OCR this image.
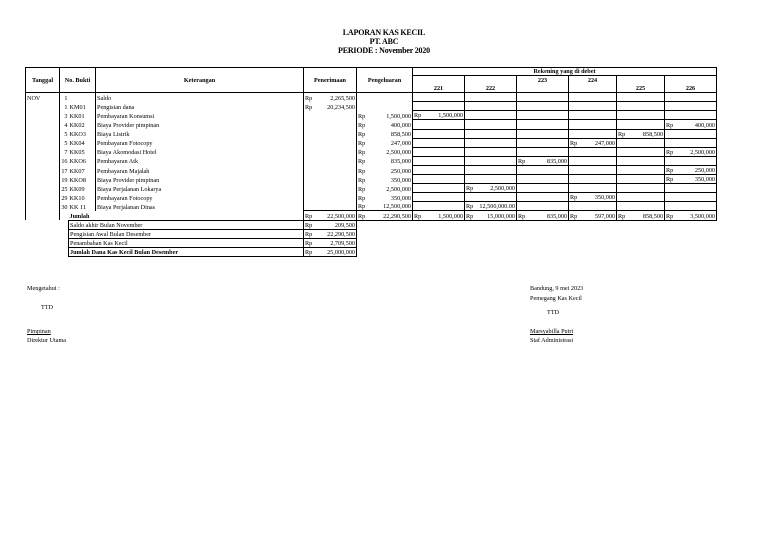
LAPORAN KAS KECIL
PT. ABC
PERIODE : November 2020
Tanggal	No. Bukti		Keterangan	Penerimaan	Pengeluaran	Rekening yang di debet					
								223	224		
						221	222			225	226
NOV	1		Saldo	Rp 2,265,500							

	1	KM01	Pengisian dana	Rp 20,234,500							

	3	KK01	Pembayaran Konsumsi		Rp 1,500,000	Rp 1,500,000					

	4	KK02	Biaya Provider pimpinan		Rp 400,000						Rp 400,000

	5	KKO3	Biaya Listrik		Rp 858,500					Rp 858,500	

	5	KK04	Pembayaran Fotocopy		Rp 247,000				Rp 247,000		

	7	KK05	Biaya Akomodasi Hotel		Rp 2,500,000						Rp 2,500,000

	16	KKO6	Pembayaran Atk		Rp 835,000			Rp 835,000			

	17	KK07	Pembayaran Majalah		Rp 250,000						Rp 250,000

	19	KKO8	Biaya Provider pimpinan		Rp 350,000						Rp 350,000

	25	KK09	Biaya Perjalanan Lokarya		Rp 2,500,000		Rp 2,500,000				

	29	KK10	Pembayaran Fotocopy		Rp 350,000				Rp 350,000		

	30	KK 11	Biaya Perjalanan Dinas		Rp 12,500,000		Rp 12,500,000.00				

		Jumlah		Rp 22,500,000	Rp 22,290,500	Rp 1,500,000	Rp 15,000,000	Rp 835,000	Rp 597,000	Rp 858,500	Rp 3,500,000

		Saldo akhir Bulan November		Rp 209,500							

		Pengisian Awal Bulan Desember		Rp 22,290,500							

		Penambahan Kas Kecil		Rp 2,709,500							

		Jumlah Dana Kas Kecil Bulan Desember		Rp 25,000,000							
Mengetahui :
TTD
Pimpinan
Direktur Utama
Bandung, 9 mei 2023
Pemegang Kas Kecil
TTD
Marsyabilla Putri
Staf Administrasi
